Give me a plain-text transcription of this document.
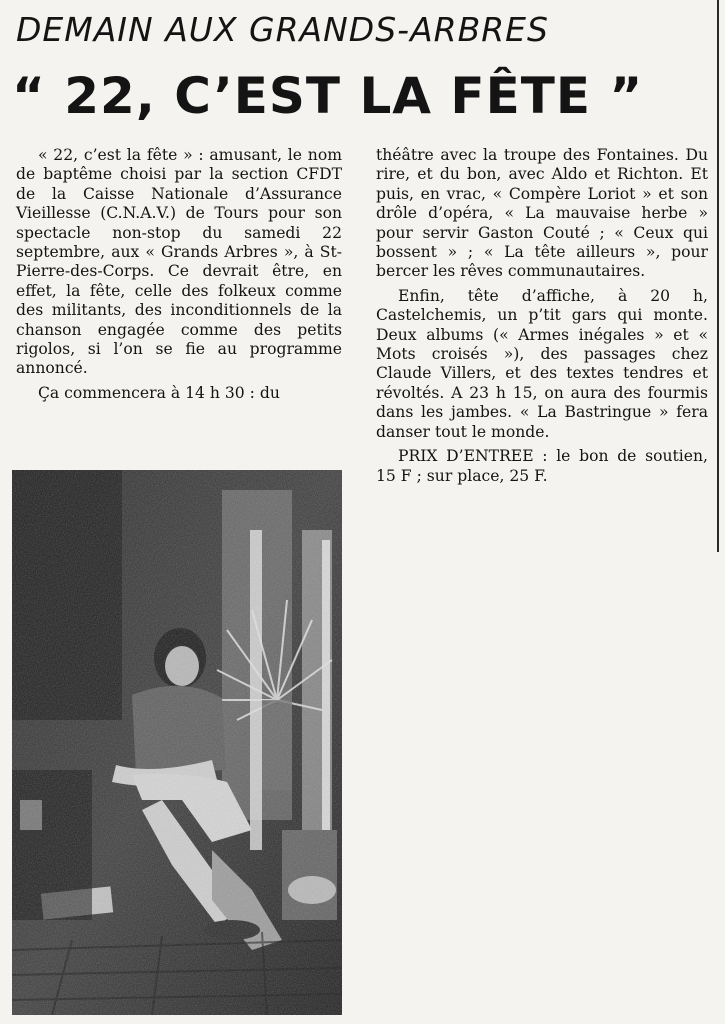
DEMAIN AUX GRANDS-ARBRES
“ 22, C’EST LA FÊTE ”

« 22, c’est la fête » : amusant, le nom de baptême choisi par la section CFDT de la Caisse Nationale d’Assurance Vieillesse (C.N.A.V.) de Tours pour son spectacle non-stop du samedi 22 septembre, aux « Grands Arbres », à St-Pierre-des-Corps. Ce devrait être, en effet, la fête, celle des folkeux comme des militants, des inconditionnels de la chanson engagée comme des petits rigolos, si l’on se fie au programme annoncé.

Ça commencera à 14 h 30 : du

théâtre avec la troupe des Fontaines. Du rire, et du bon, avec Aldo et Richton. Et puis, en vrac, « Compère Loriot » et son drôle d’opéra, « La mauvaise herbe » pour servir Gaston Couté ; « Ceux qui bossent » ; « La tête ailleurs », pour bercer les rêves communautaires.

Enfin, tête d’affiche, à 20 h, Castelchemis, un p’tit gars qui monte. Deux albums (« Armes inégales » et « Mots croisés »), des passages chez Claude Villers, et des textes tendres et révoltés. A 23 h 15, on aura des fourmis dans les jambes. « La Bastringue » fera danser tout le monde.

PRIX D’ENTREE : le bon de soutien, 15 F ; sur place, 25 F.
